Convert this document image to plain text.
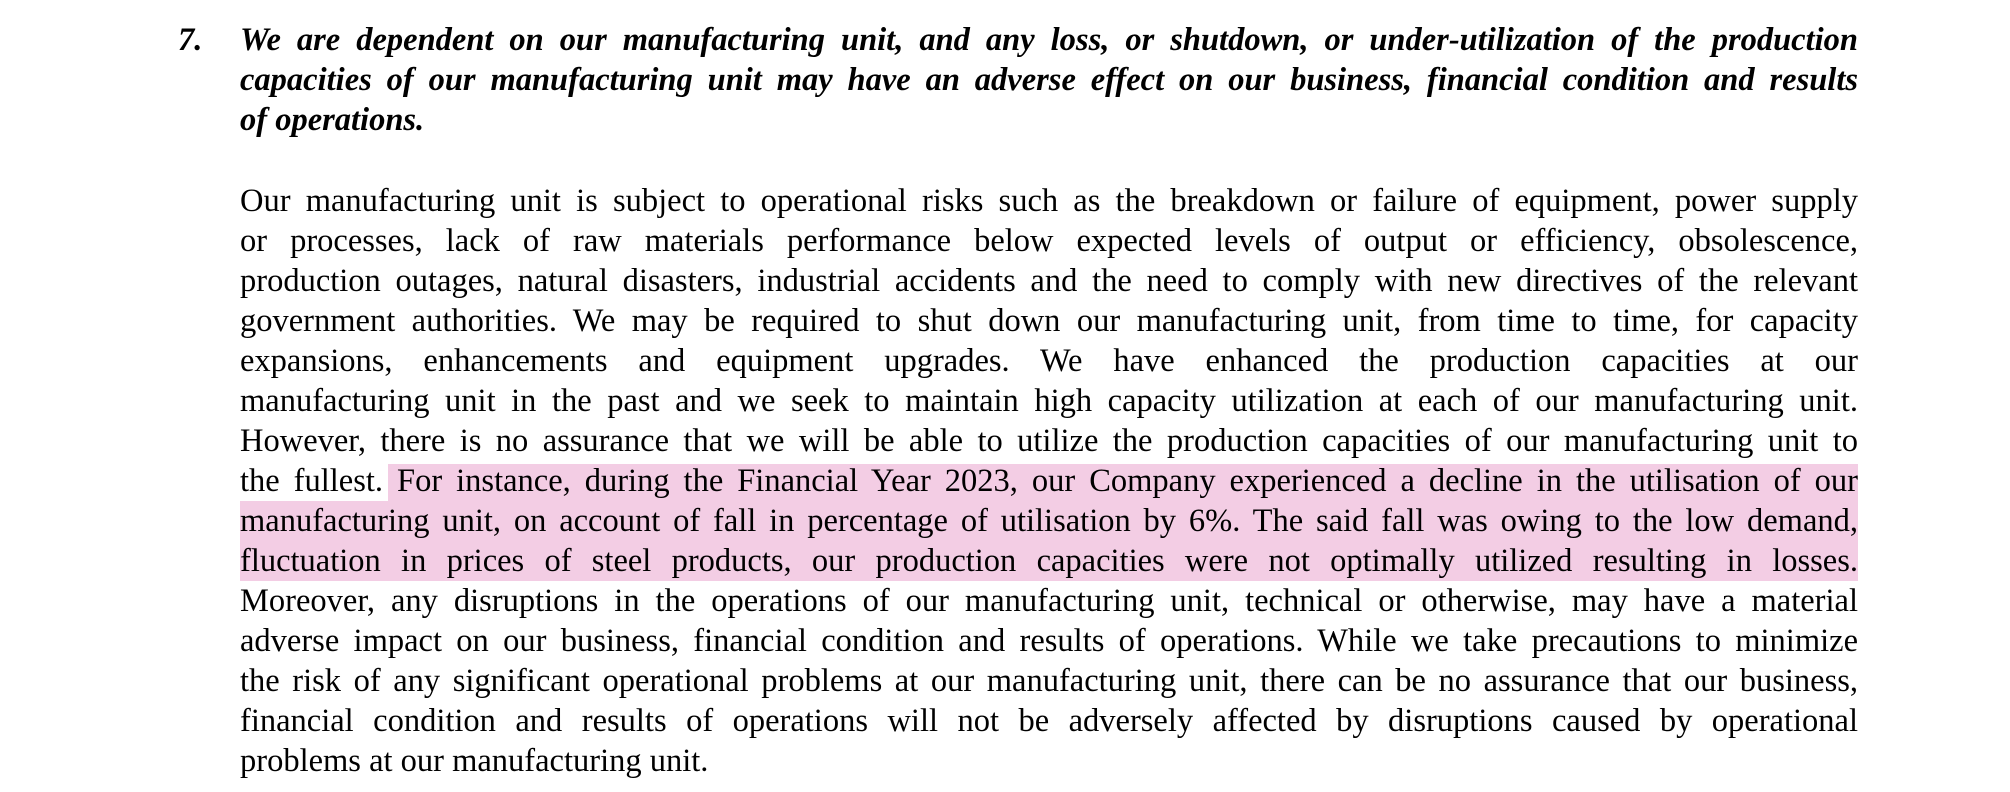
7. We are dependent on our manufacturing unit, and any loss, or shutdown, or under-utilization of the production
capacities of our manufacturing unit may have an adverse effect on our business, financial condition and results
of operations.

Our manufacturing unit is subject to operational risks such as the breakdown or failure of equipment, power supply
or processes, lack of raw materials performance below expected levels of output or efficiency, obsolescence,
production outages, natural disasters, industrial accidents and the need to comply with new directives of the relevant
government authorities. We may be required to shut down our manufacturing unit, from time to time, for capacity
expansions, enhancements and equipment upgrades. We have enhanced the production capacities at our
manufacturing unit in the past and we seek to maintain high capacity utilization at each of our manufacturing unit.
However, there is no assurance that we will be able to utilize the production capacities of our manufacturing unit to
the fullest. For instance, during the Financial Year 2023, our Company experienced a decline in the utilisation of our
manufacturing unit, on account of fall in percentage of utilisation by 6%. The said fall was owing to the low demand,
fluctuation in prices of steel products, our production capacities were not optimally utilized resulting in losses.
Moreover, any disruptions in the operations of our manufacturing unit, technical or otherwise, may have a material
adverse impact on our business, financial condition and results of operations. While we take precautions to minimize
the risk of any significant operational problems at our manufacturing unit, there can be no assurance that our business,
financial condition and results of operations will not be adversely affected by disruptions caused by operational
problems at our manufacturing unit.
